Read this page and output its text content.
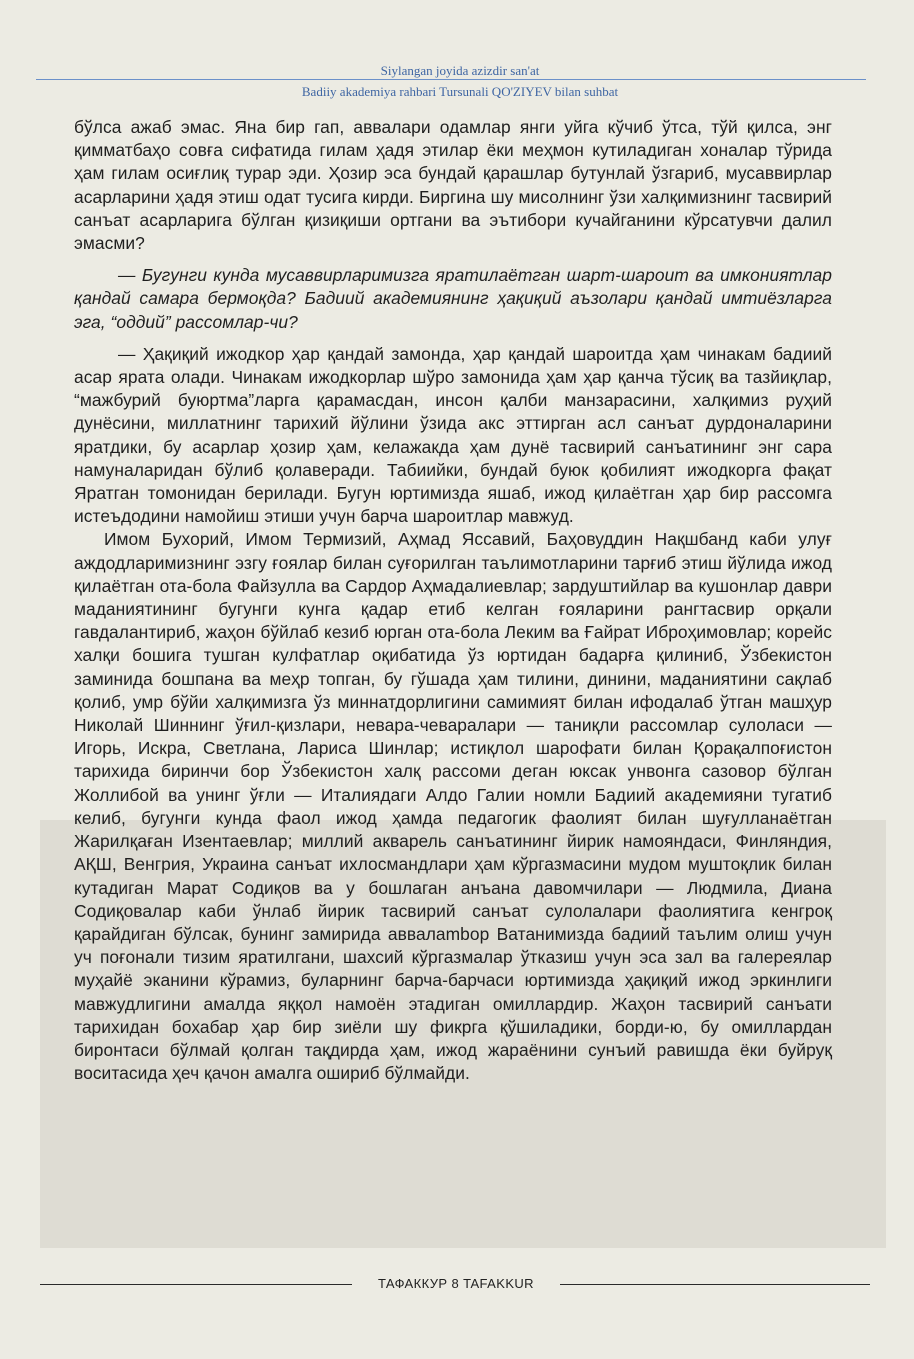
Siylangan joyida azizdir san'at
Badiiy akademiya rahbari Tursunali QO'ZIYEV bilan suhbat

бўлса ажаб эмас. Яна бир гап, аввалари одамлар янги уйга кўчиб ўтса, тўй қилса, энг қимматбаҳо совға сифатида гилам ҳадя этилар ёки меҳмон кутиладиган хоналар тўрида ҳам гилам осиғлиқ турар эди. Ҳозир эса бундай қарашлар бутунлай ўзгариб, мусаввирлар асарларини ҳадя этиш одат тусига кирди. Биргина шу мисолнинг ўзи халқимизнинг тасвирий санъат асарларига бўлган қизиқиши ортгани ва эътибори кучайганини кўрсатувчи далил эмасми?

— Бугунги кунда мусаввирларимизга яратилаётган шарт-шароит ва имкониятлар қандай самара бермоқда? Бадиий академиянинг ҳақиқий аъзолари қандай имтиёзларга эга, “оддий” рассомлар-чи?

— Ҳақиқий ижодкор ҳар қандай замонда, ҳар қандай шароитда ҳам чинакам бадиий асар ярата олади. Чинакам ижодкорлар шўро замонида ҳам ҳар қанча тўсиқ ва тазйиқлар, “мажбурий буюртма”ларга қарамасдан, инсон қалби манзарасини, халқимиз руҳий дунёсини, миллатнинг тарихий йўлини ўзида акс эттирган асл санъат дурдоналарини яратдики, бу асарлар ҳозир ҳам, келажакда ҳам дунё тасвирий санъатининг энг сара намуналаридан бўлиб қолаверади. Табиийки, бундай буюк қобилият ижодкорга фақат Яратган томонидан берилади. Бугун юртимизда яшаб, ижод қилаётган ҳар бир рассомга истеъдодини намойиш этиши учун барча шароитлар мавжуд.

Имом Бухорий, Имом Термизий, Аҳмад Яссавий, Баҳовуддин Нақшбанд каби улуғ аждодларимизнинг эзгу ғоялар билан суғорилган таълимотларини тарғиб этиш йўлида ижод қилаётган ота-бола Файзулла ва Сардор Аҳмадалиевлар; зардуштийлар ва кушонлар даври маданиятининг бугунги кунга қадар етиб келган ғояларини рангтасвир орқали гавдалантириб, жаҳон бўйлаб кезиб юрган ота-бола Леким ва Ғайрат Иброҳимовлар; корейс халқи бошига тушган кулфатлар оқибатида ўз юртидан бадарға қилиниб, Ўзбекистон заминида бошпана ва меҳр топган, бу гўшада ҳам тилини, динини, маданиятини сақлаб қолиб, умр бўйи халқимизга ўз миннатдорлигини самимият билан ифодалаб ўтган машҳур Николай Шиннинг ўғил-қизлари, невара-чеваралари — таниқли рассомлар сулоласи — Игорь, Искра, Светлана, Лариса Шинлар; истиқлол шарофати билан Қорақалпоғистон тарихида биринчи бор Ўзбекистон халқ рассоми деган юксак унвонга сазовор бўлган Жоллибой ва унинг ўғли — Италиядаги Алдо Галии номли Бадиий академияни тугатиб келиб, бугунги кунда фаол ижод ҳамда педагогик фаолият билан шуғулланаётган Жарилқаған Изентаевлар; миллий акварель санъатининг йирик намояндаси, Финляндия, АҚШ, Венгрия, Украина санъат ихлосмандлари ҳам кўргазмасини мудом муштоқлик билан кутадиган Марат Содиқов ва у бошлаган анъана давомчилари — Людмила, Диана Содиқовалар каби ўнлаб йирик тасвирий санъат сулолалари фаолиятига кенгроқ қарайдиган бўлсак, бунинг замирида аввалambор Ватанимизда бадиий таълим олиш учун уч поғонали тизим яратилгани, шахсий кўргазмалар ўтказиш учун эса зал ва галереялар муҳайё эканини кўрамиз, буларнинг барча-барчаси юртимизда ҳақиқий ижод эркинлиги мавжудлигини амалда яққол намоён этадиган омиллардир. Жаҳон тасвирий санъати тарихидан бохабар ҳар бир зиёли шу фикрга қўшиладики, борди-ю, бу омиллардан биронтаси бўлмай қолган тақдирда ҳам, ижод жараёнини сунъий равишда ёки буйруқ воситасида ҳеч қачон амалга ошириб бўлмайди.

ТАФАККУР 8 TAFAKKUR
